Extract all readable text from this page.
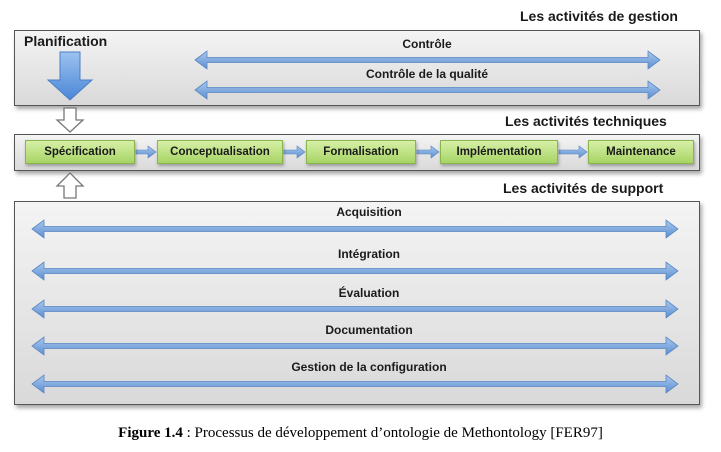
Les activités de gestion
Planification
Les activités techniques
Les activités de support
Contrôle
Contrôle de la qualité
Spécification	Conceptualisation	Formalisation	Implémentation	Maintenance
Acquisition
Intégration
Évaluation
Documentation
Gestion de la configuration
Figure 1.4 : Processus de développement d’ontologie de Methontology [FER97]
